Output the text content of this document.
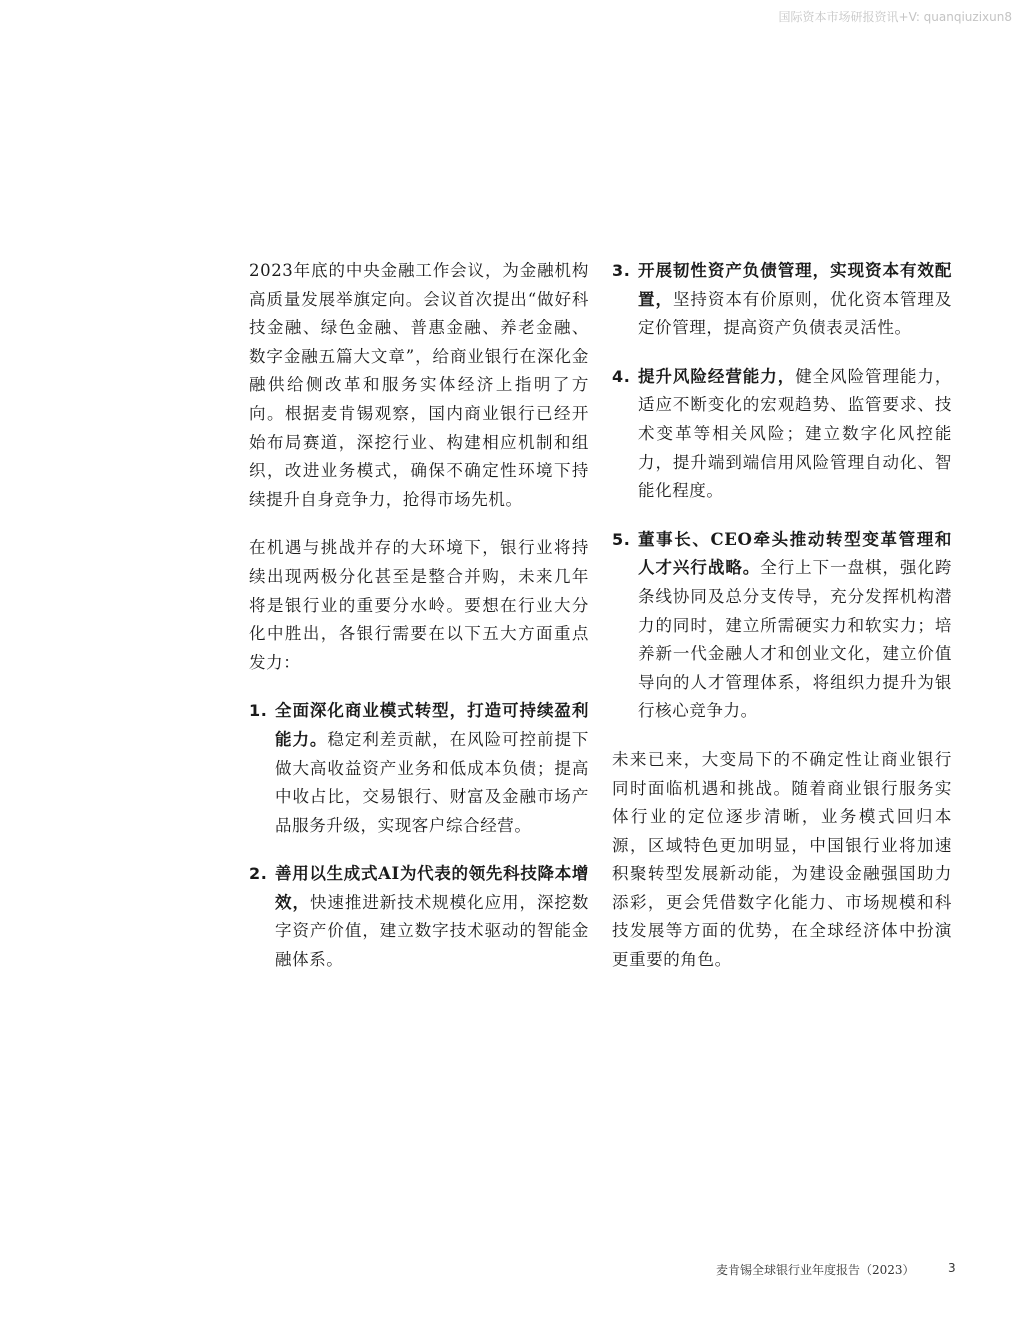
国际资本市场研报资讯+V: quanqiuzixun8

2023年底的中央金融工作会议，为金融机构高质量发展举旗定向。会议首次提出“做好科技金融、绿色金融、普惠金融、养老金融、数字金融五篇大文章”，给商业银行在深化金融供给侧改革和服务实体经济上指明了方向。根据麦肯锡观察，国内商业银行已经开始布局赛道，深挖行业、构建相应机制和组织，改进业务模式，确保不确定性环境下持续提升自身竞争力，抢得市场先机。

在机遇与挑战并存的大环境下，银行业将持续出现两极分化甚至是整合并购，未来几年将是银行业的重要分水岭。要想在行业大分化中胜出，各银行需要在以下五大方面重点发力：

1. 全面深化商业模式转型，打造可持续盈利能力。稳定利差贡献，在风险可控前提下做大高收益资产业务和低成本负债；提高中收占比，交易银行、财富及金融市场产品服务升级，实现客户综合经营。
2. 善用以生成式AI为代表的领先科技降本增效，快速推进新技术规模化应用，深挖数字资产价值，建立数字技术驱动的智能金融体系。
3. 开展韧性资产负债管理，实现资本有效配置，坚持资本有价原则，优化资本管理及定价管理，提高资产负债表灵活性。
4. 提升风险经营能力，健全风险管理能力，适应不断变化的宏观趋势、监管要求、技术变革等相关风险；建立数字化风控能力，提升端到端信用风险管理自动化、智能化程度。
5. 董事长、CEO牵头推动转型变革管理和人才兴行战略。全行上下一盘棋，强化跨条线协同及总分支传导，充分发挥机构潜力的同时，建立所需硬实力和软实力；培养新一代金融人才和创业文化，建立价值导向的人才管理体系，将组织力提升为银行核心竞争力。

未来已来，大变局下的不确定性让商业银行同时面临机遇和挑战。随着商业银行服务实体行业的定位逐步清晰，业务模式回归本源，区域特色更加明显，中国银行业将加速积聚转型发展新动能，为建设金融强国助力添彩，更会凭借数字化能力、市场规模和科技发展等方面的优势，在全球经济体中扮演更重要的角色。

麦肯锡全球银行业年度报告（2023）	3
